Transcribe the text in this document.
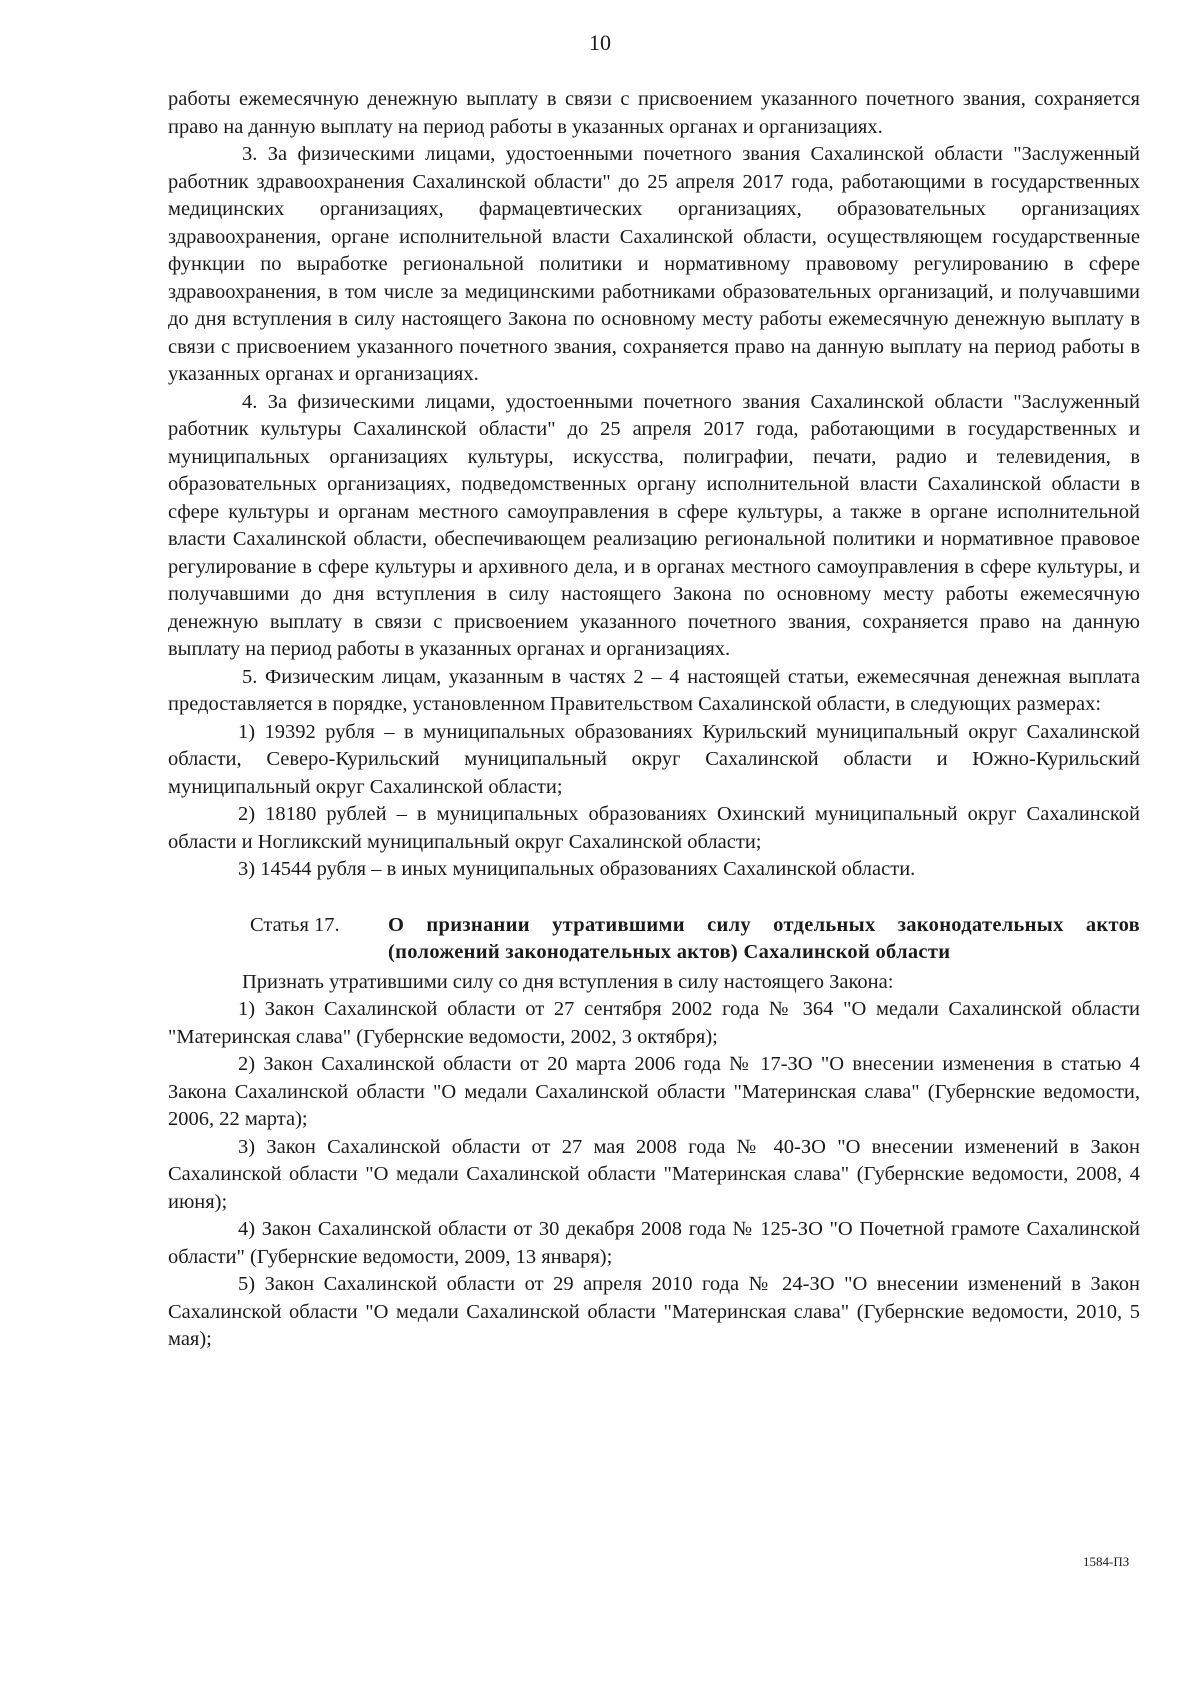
10

работы ежемесячную денежную выплату в связи с присвоением указанного почетного звания, сохраняется право на данную выплату на период работы в указанных органах и организациях.

3. За физическими лицами, удостоенными почетного звания Сахалинской области "Заслуженный работник здравоохранения Сахалинской области" до 25 апреля 2017 года, работающими в государственных медицинских организациях, фармацевтических организациях, образовательных организациях здравоохранения, органе исполнительной власти Сахалинской области, осуществляющем государственные функции по выработке региональной политики и нормативному правовому регулированию в сфере здравоохранения, в том числе за медицинскими работниками образовательных организаций, и получавшими до дня вступления в силу настоящего Закона по основному месту работы ежемесячную денежную выплату в связи с присвоением указанного почетного звания, сохраняется право на данную выплату на период работы в указанных органах и организациях.

4. За физическими лицами, удостоенными почетного звания Сахалинской области "Заслуженный работник культуры Сахалинской области" до 25 апреля 2017 года, работающими в государственных и муниципальных организациях культуры, искусства, полиграфии, печати, радио и телевидения, в образовательных организациях, подведомственных органу исполнительной власти Сахалинской области в сфере культуры и органам местного самоуправления в сфере культуры, а также в органе исполнительной власти Сахалинской области, обеспечивающем реализацию региональной политики и нормативное правовое регулирование в сфере культуры и архивного дела, и в органах местного самоуправления в сфере культуры, и получавшими до дня вступления в силу настоящего Закона по основному месту работы ежемесячную денежную выплату в связи с присвоением указанного почетного звания, сохраняется право на данную выплату на период работы в указанных органах и организациях.

5. Физическим лицам, указанным в частях 2 – 4 настоящей статьи, ежемесячная денежная выплата предоставляется в порядке, установленном Правительством Сахалинской области, в следующих размерах:

1) 19392 рубля – в муниципальных образованиях Курильский муниципальный округ Сахалинской области, Северо-Курильский муниципальный округ Сахалинской области и Южно-Курильский муниципальный округ Сахалинской области;

2) 18180 рублей – в муниципальных образованиях Охинский муниципальный округ Сахалинской области и Ногликский муниципальный округ Сахалинской области;

3) 14544 рубля – в иных муниципальных образованиях Сахалинской области.

Статья 17.	О признании утратившими силу отдельных законодательных актов (положений законодательных актов) Сахалинской области

Признать утратившими силу со дня вступления в силу настоящего Закона:

1) Закон Сахалинской области от 27 сентября 2002 года № 364 "О медали Сахалинской области "Материнская слава" (Губернские ведомости, 2002, 3 октября);

2) Закон Сахалинской области от 20 марта 2006 года № 17-ЗО "О внесении изменения в статью 4 Закона Сахалинской области "О медали Сахалинской области "Материнская слава" (Губернские ведомости, 2006, 22 марта);

3) Закон Сахалинской области от 27 мая 2008 года № 40-ЗО "О внесении изменений в Закон Сахалинской области "О медали Сахалинской области "Материнская слава" (Губернские ведомости, 2008, 4 июня);

4) Закон Сахалинской области от 30 декабря 2008 года № 125-ЗО "О Почетной грамоте Сахалинской области" (Губернские ведомости, 2009, 13 января);

5) Закон Сахалинской области от 29 апреля 2010 года № 24-ЗО "О внесении изменений в Закон Сахалинской области "О медали Сахалинской области "Материнская слава" (Губернские ведомости, 2010, 5 мая);

1584-ПЗ
